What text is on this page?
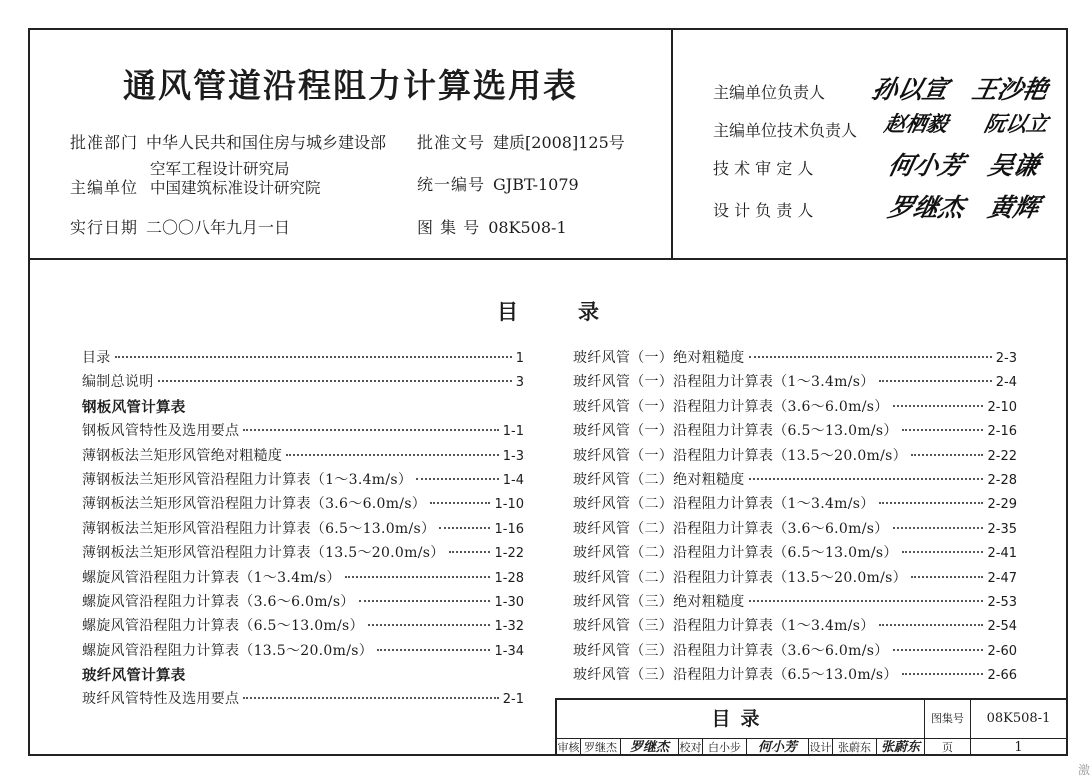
通风管道沿程阻力计算选用表
批准部门 中华人民共和国住房与城乡建设部 批准文号 建质[2008]125号
主编单位
空军工程设计研究局
中国建筑标准设计研究院	统一编号 GJBT-1079
实行日期 二〇〇八年九月一日	图 集 号 08K508-1
主编单位负责人 孙以宣 王沙艳
主编单位技术负责人 赵栖毅 阮以立
技 术 审 定 人	何小芳 吴谦
设 计 负 责 人	罗继杰 黄辉
目	录
目录	1
编制总说明	3
钢板风管计算表
钢板风管特性及选用要点	1-1
薄钢板法兰矩形风管绝对粗糙度	1-3
薄钢板法兰矩形风管沿程阻力计算表（1～3.4m/s）	1-4
薄钢板法兰矩形风管沿程阻力计算表（3.6～6.0m/s）	1-10
薄钢板法兰矩形风管沿程阻力计算表（6.5～13.0m/s）	1-16
薄钢板法兰矩形风管沿程阻力计算表（13.5～20.0m/s）	1-22
螺旋风管沿程阻力计算表（1～3.4m/s）	1-28
螺旋风管沿程阻力计算表（3.6～6.0m/s）	1-30
螺旋风管沿程阻力计算表（6.5～13.0m/s）	1-32
螺旋风管沿程阻力计算表（13.5～20.0m/s）	1-34
玻纤风管计算表
玻纤风管特性及选用要点	2-1
玻纤风管（一）绝对粗糙度	2-3
玻纤风管（一）沿程阻力计算表（1～3.4m/s）	2-4
玻纤风管（一）沿程阻力计算表（3.6～6.0m/s）	2-10
玻纤风管（一）沿程阻力计算表（6.5～13.0m/s）	2-16
玻纤风管（一）沿程阻力计算表（13.5～20.0m/s）	2-22
玻纤风管（二）绝对粗糙度	2-28
玻纤风管（二）沿程阻力计算表（1～3.4m/s）	2-29
玻纤风管（二）沿程阻力计算表（3.6～6.0m/s）	2-35
玻纤风管（二）沿程阻力计算表（6.5～13.0m/s）	2-41
玻纤风管（二）沿程阻力计算表（13.5～20.0m/s）	2-47
玻纤风管（三）绝对粗糙度	2-53
玻纤风管（三）沿程阻力计算表（1～3.4m/s）	2-54
玻纤风管（三）沿程阻力计算表（3.6～6.0m/s）	2-60
玻纤风管（三）沿程阻力计算表（6.5～13.0m/s）	2-66
目录	图集号	08K508-1
审核 罗继杰 罗继杰 校对 白小步	何小芳	设计 张蔚东 张蔚东	页	1
激
